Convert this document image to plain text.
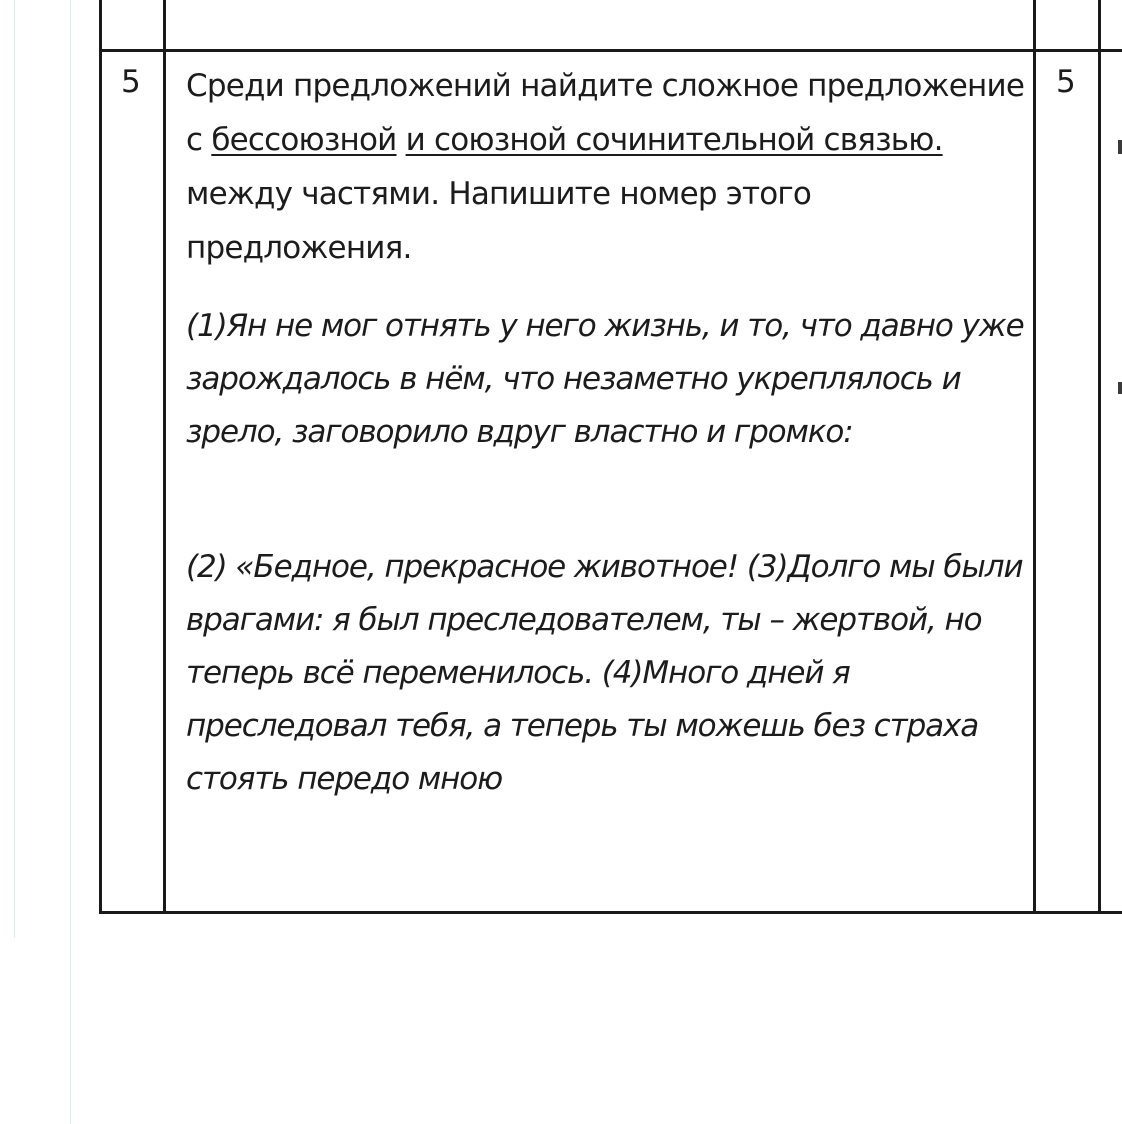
5	5
Среди предложений найдите сложное предложение с бессоюзной и союзной сочинительной связью. между частями. Напишите номер этого предложения.
(1)Ян не мог отнять у него жизнь, и то, что давно уже зарождалось в нём, что незаметно укреплялось и зрело, заговорило вдруг властно и громко:
(2) «Бедное, прекрасное животное! (3)Долго мы были врагами: я был преследователем, ты – жертвой, но теперь всё переменилось. (4)Много дней я преследовал тебя, а теперь ты можешь без страха стоять передо мною
